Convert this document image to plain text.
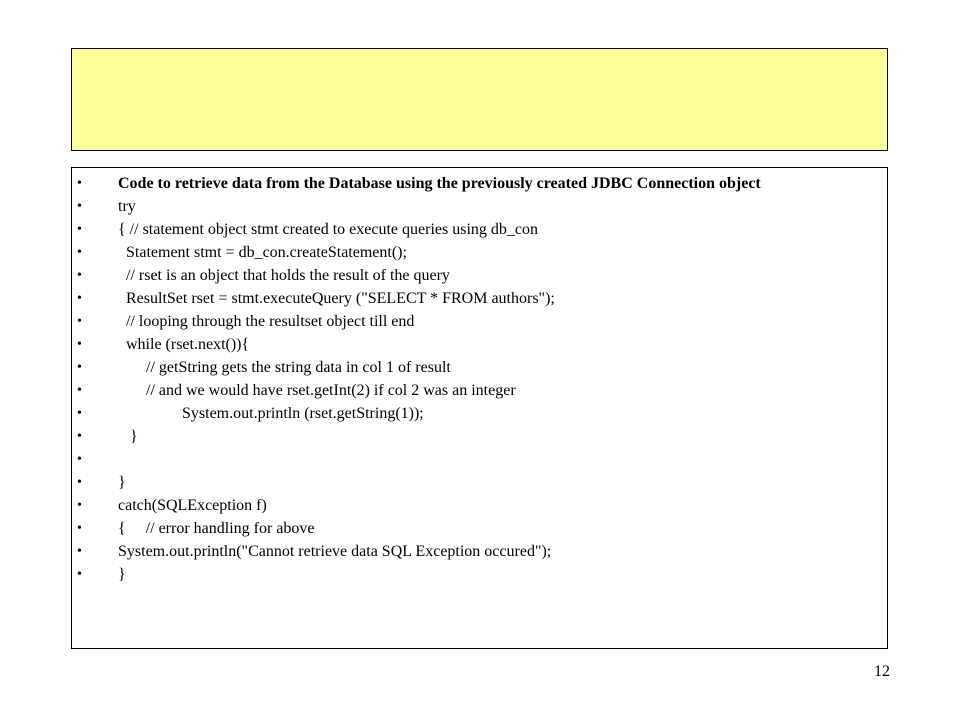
•	Code to retrieve data from the Database using the previously created JDBC Connection object
•	try
•	{ // statement object stmt created to execute queries using db_con
•	Statement stmt = db_con.createStatement();
•	// rset is an object that holds the result of the query
•	ResultSet rset = stmt.executeQuery ("SELECT * FROM authors");
•	// looping through the resultset object till end
•	while (rset.next()){
•	// getString gets the string data in col 1 of result
•	// and we would have rset.getInt(2) if col 2 was an integer
•	System.out.println (rset.getString(1));
•	}
•
•	}
•	catch(SQLException f)
•	{     // error handling for above
•	System.out.println("Cannot retrieve data SQL Exception occured");
•	}
12
